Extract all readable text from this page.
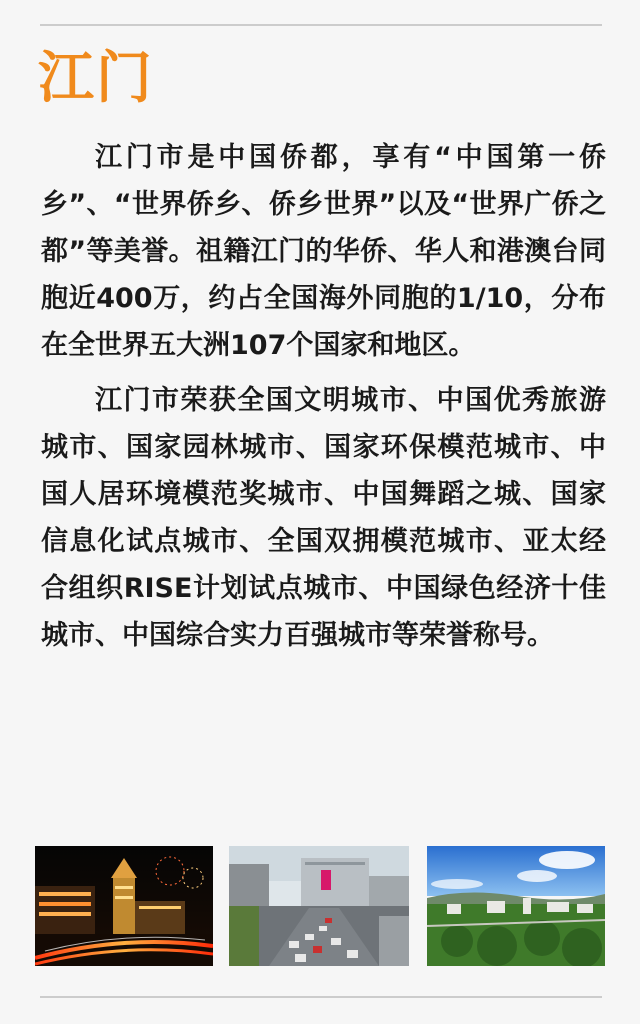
江门

江门市是中国侨都，享有“中国第一侨乡”、“世界侨乡、侨乡世界”以及“世界广侨之都”等美誉。祖籍江门的华侨、华人和港澳台同胞近400万，约占全国海外同胞的1/10，分布在全世界五大洲107个国家和地区。

江门市荣获全国文明城市、中国优秀旅游城市、国家园林城市、国家环保模范城市、中国人居环境模范奖城市、中国舞蹈之城、国家信息化试点城市、全国双拥模范城市、亚太经合组织RISE计划试点城市、中国绿色经济十佳城市、中国综合实力百强城市等荣誉称号。
